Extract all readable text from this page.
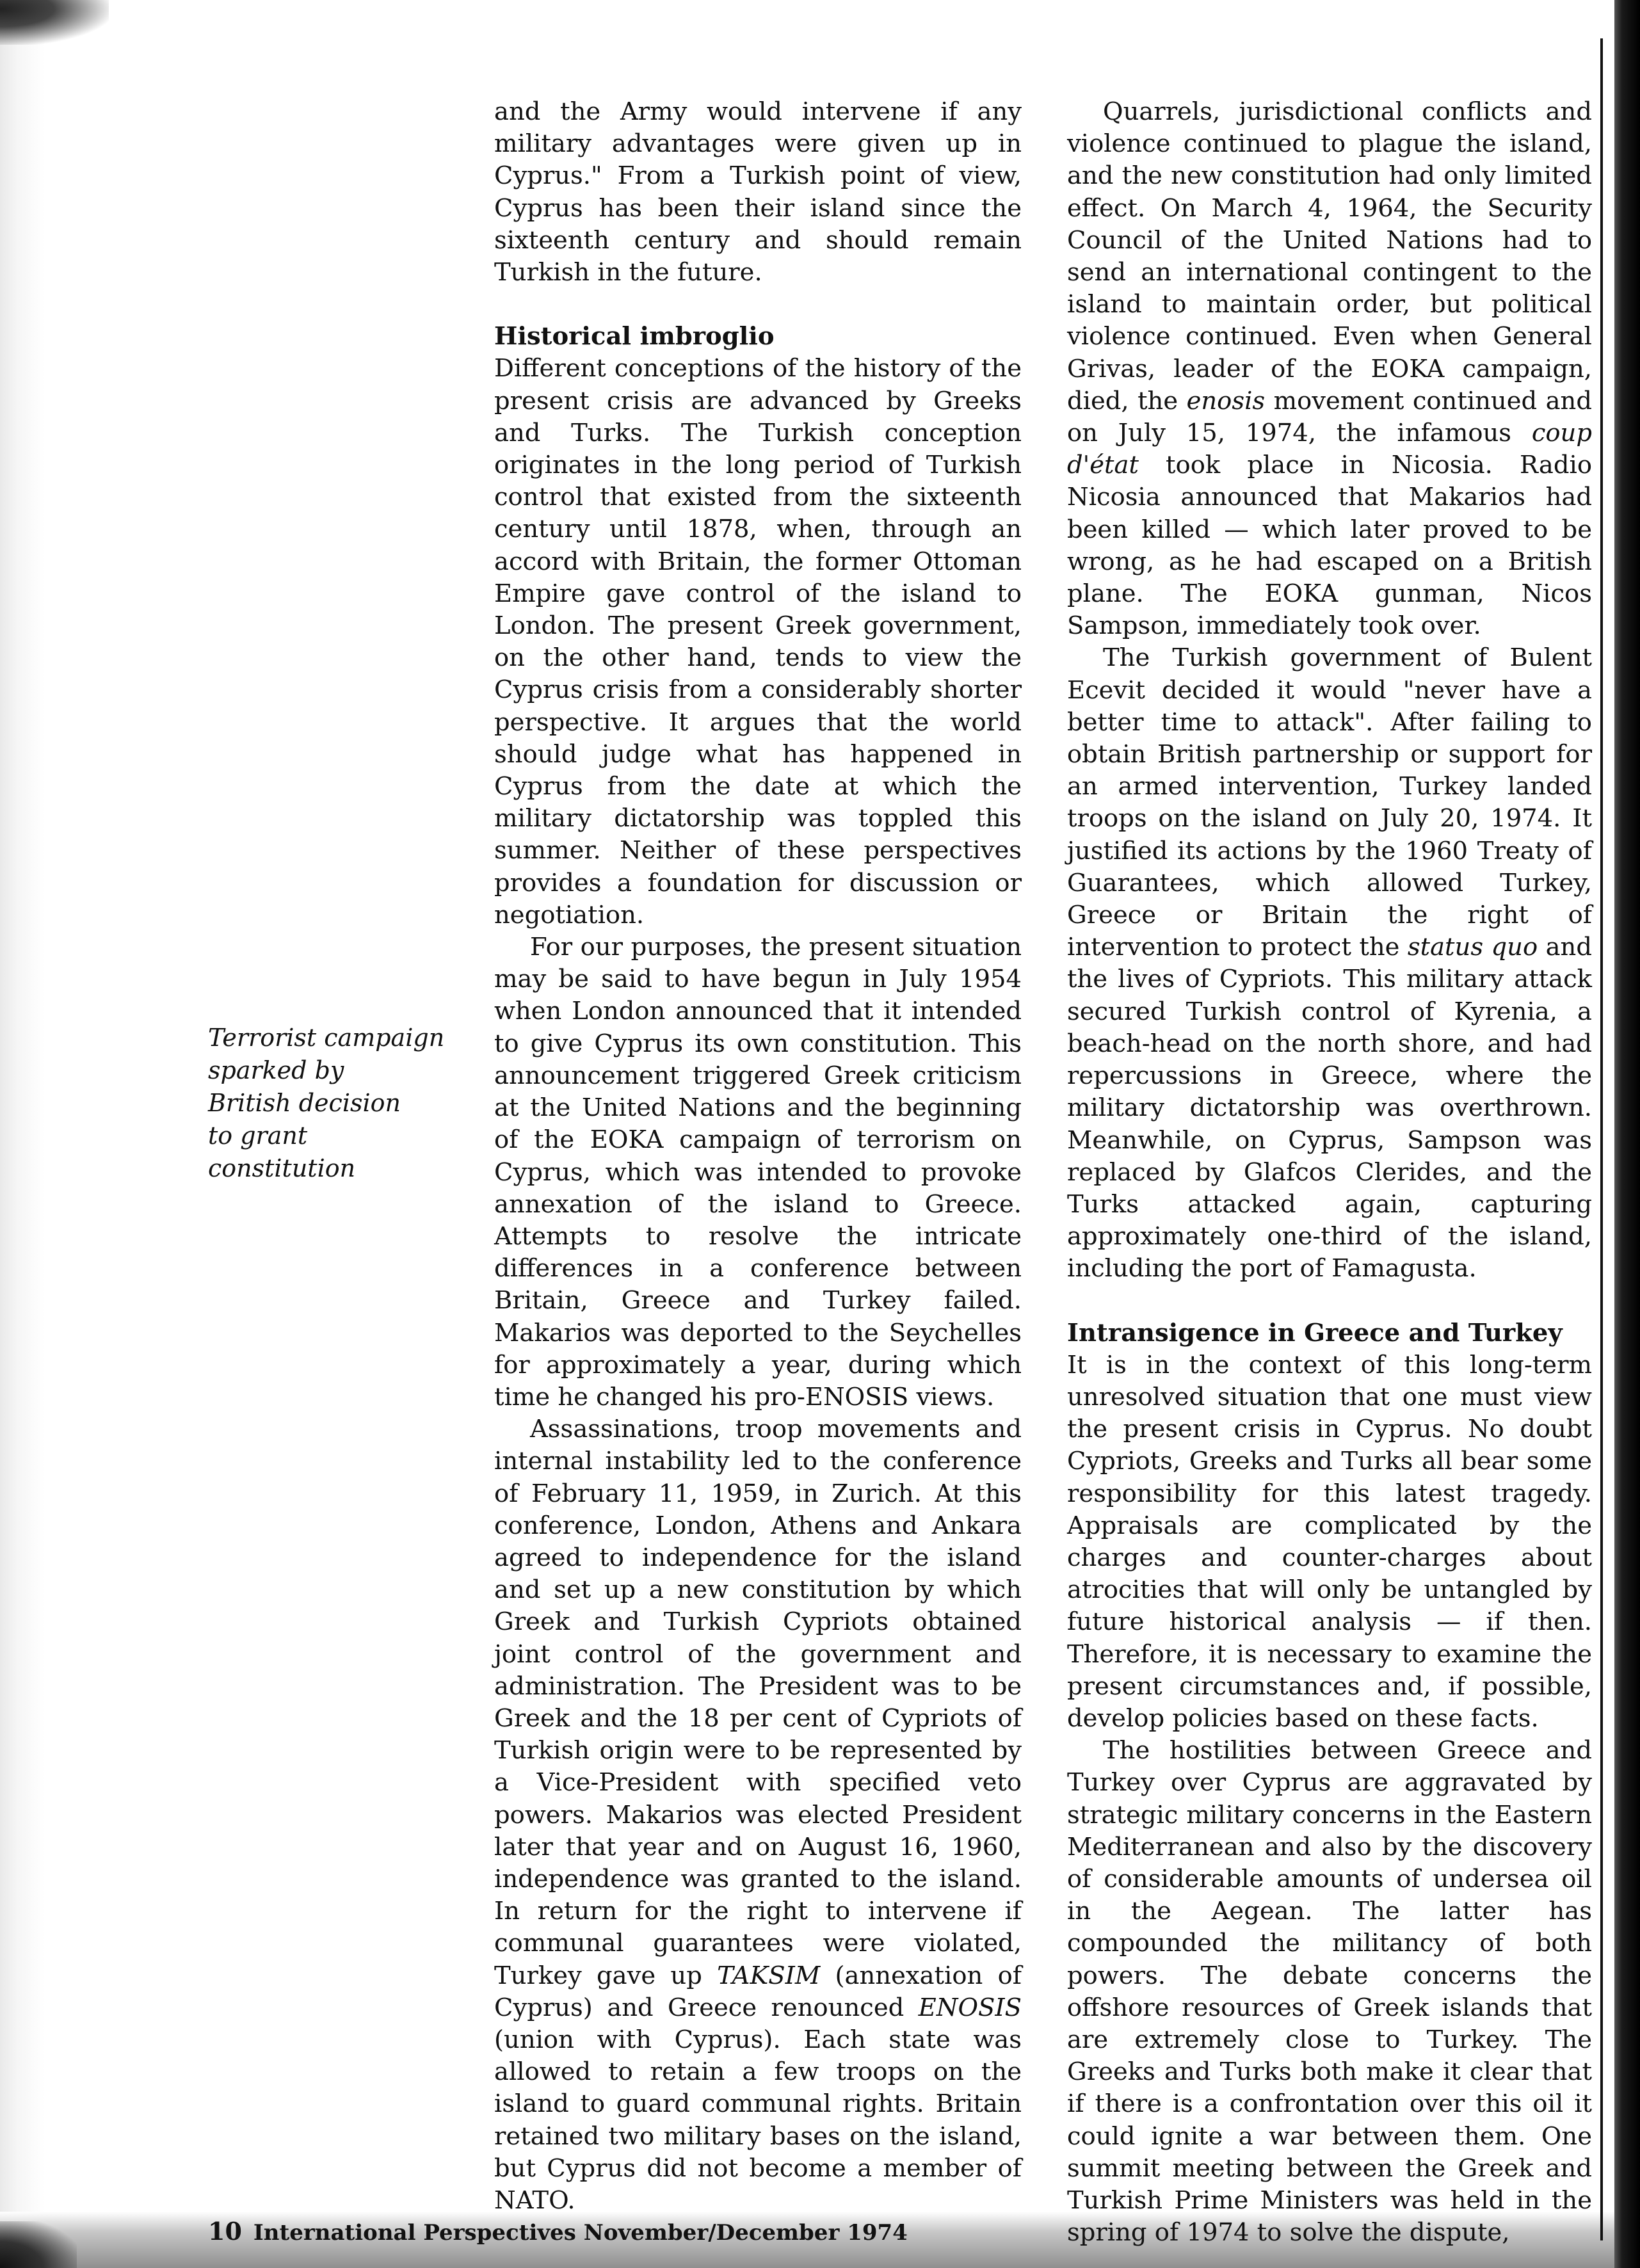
Terrorist campaign
sparked by
British decision
to grant
constitution

and the Army would intervene if any military advantages were given up in Cyprus." From a Turkish point of view, Cyprus has been their island since the sixteenth century and should remain Turkish in the future.

Historical imbroglio

Different conceptions of the history of the present crisis are advanced by Greeks and Turks. The Turkish conception originates in the long period of Turkish control that existed from the sixteenth century until 1878, when, through an accord with Britain, the former Ottoman Empire gave control of the island to London. The present Greek government, on the other hand, tends to view the Cyprus crisis from a considerably shorter perspective. It argues that the world should judge what has happened in Cyprus from the date at which the military dictatorship was toppled this summer. Neither of these perspectives provides a foundation for discussion or negotiation.

For our purposes, the present situation may be said to have begun in July 1954 when London announced that it intended to give Cyprus its own constitution. This announcement triggered Greek criticism at the United Nations and the beginning of the EOKA campaign of terrorism on Cyprus, which was intended to provoke annexation of the island to Greece. Attempts to resolve the intricate differences in a conference between Britain, Greece and Turkey failed. Makarios was deported to the Seychelles for approximately a year, during which time he changed his pro-ENOSIS views.

Assassinations, troop movements and internal instability led to the conference of February 11, 1959, in Zurich. At this conference, London, Athens and Ankara agreed to independence for the island and set up a new constitution by which Greek and Turkish Cypriots obtained joint control of the government and administration. The President was to be Greek and the 18 per cent of Cypriots of Turkish origin were to be represented by a Vice-President with specified veto powers. Makarios was elected President later that year and on August 16, 1960, independence was granted to the island. In return for the right to intervene if communal guarantees were violated, Turkey gave up TAKSIM (annexation of Cyprus) and Greece renounced ENOSIS (union with Cyprus). Each state was allowed to retain a few troops on the island to guard communal rights. Britain retained two military bases on the island, but Cyprus did not become a member of NATO.

Quarrels, jurisdictional conflicts and violence continued to plague the island, and the new constitution had only limited effect. On March 4, 1964, the Security Council of the United Nations had to send an international contingent to the island to maintain order, but political violence continued. Even when General Grivas, leader of the EOKA campaign, died, the enosis movement continued and on July 15, 1974, the infamous coup d'état took place in Nicosia. Radio Nicosia announced that Makarios had been killed — which later proved to be wrong, as he had escaped on a British plane. The EOKA gunman, Nicos Sampson, immediately took over.

The Turkish government of Bulent Ecevit decided it would "never have a better time to attack". After failing to obtain British partnership or support for an armed intervention, Turkey landed troops on the island on July 20, 1974. It justified its actions by the 1960 Treaty of Guarantees, which allowed Turkey, Greece or Britain the right of intervention to protect the status quo and the lives of Cypriots. This military attack secured Turkish control of Kyrenia, a beach-head on the north shore, and had repercussions in Greece, where the military dictatorship was overthrown. Meanwhile, on Cyprus, Sampson was replaced by Glafcos Clerides, and the Turks attacked again, capturing approximately one-third of the island, including the port of Famagusta.

Intransigence in Greece and Turkey

It is in the context of this long-term unresolved situation that one must view the present crisis in Cyprus. No doubt Cypriots, Greeks and Turks all bear some responsibility for this latest tragedy. Appraisals are complicated by the charges and counter-charges about atrocities that will only be untangled by future historical analysis — if then. Therefore, it is necessary to examine the present circumstances and, if possible, develop policies based on these facts.

The hostilities between Greece and Turkey over Cyprus are aggravated by strategic military concerns in the Eastern Mediterranean and also by the discovery of considerable amounts of undersea oil in the Aegean. The latter has compounded the militancy of both powers. The debate concerns the offshore resources of Greek islands that are extremely close to Turkey. The Greeks and Turks both make it clear that if there is a confrontation over this oil it could ignite a war between them. One summit meeting between the Greek and Turkish Prime Ministers was held in the spring of 1974 to solve the dispute,

10 International Perspectives November/December 1974
